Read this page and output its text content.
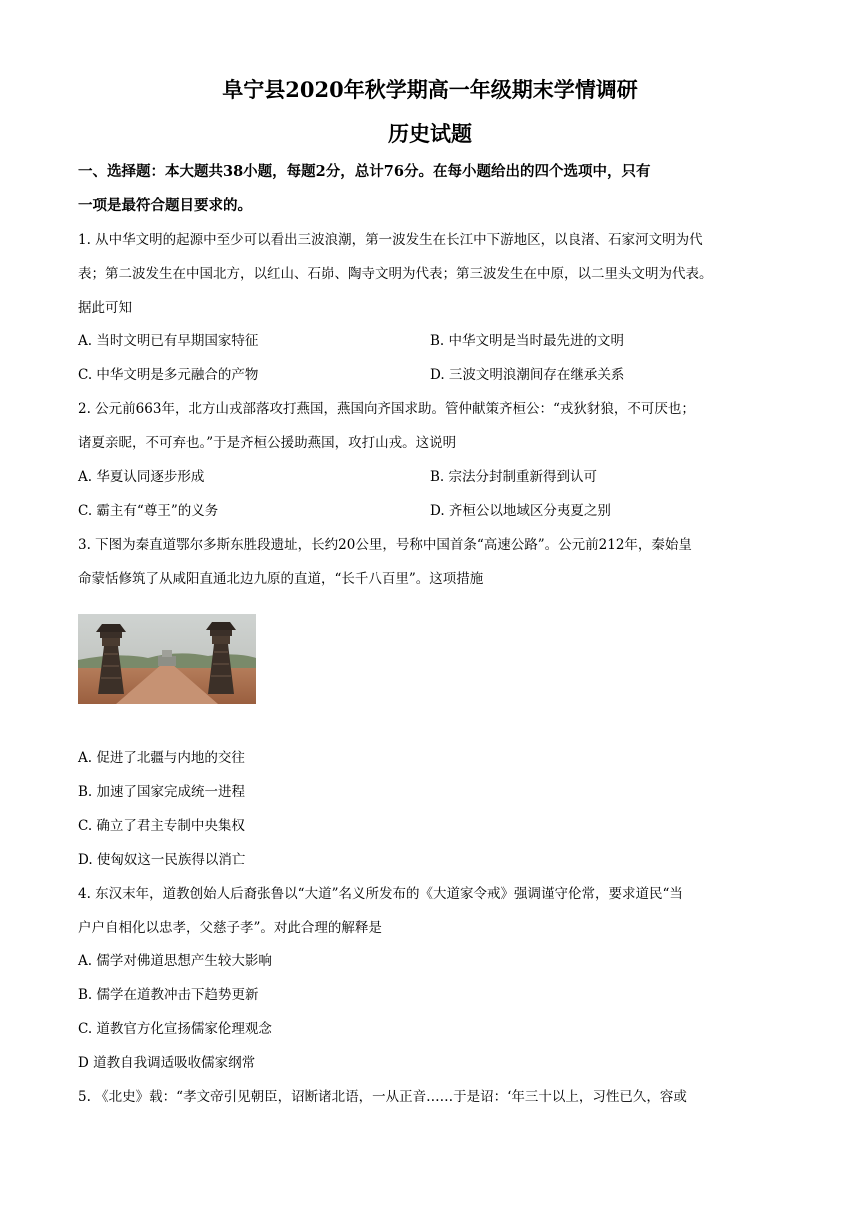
阜宁县2020年秋学期高一年级期末学情调研
历史试题
一、选择题：本大题共38小题，每题2分，总计76分。在每小题给出的四个选项中，只有
一项是最符合题目要求的。
1. 从中华文明的起源中至少可以看出三波浪潮，第一波发生在长江中下游地区，以良渚、石家河文明为代
表；第二波发生在中国北方，以红山、石峁、陶寺文明为代表；第三波发生在中原，以二里头文明为代表。
据此可知
A. 当时文明已有早期国家特征	B. 中华文明是当时最先进的文明
C. 中华文明是多元融合的产物	D. 三波文明浪潮间存在继承关系
2. 公元前663年，北方山戎部落攻打燕国，燕国向齐国求助。管仲献策齐桓公：“戎狄豺狼，不可厌也；
诸夏亲昵，不可弃也。”于是齐桓公援助燕国，攻打山戎。这说明
A. 华夏认同逐步形成	B. 宗法分封制重新得到认可
C. 霸主有“尊王”的义务	D. 齐桓公以地域区分夷夏之别
3. 下图为秦直道鄂尔多斯东胜段遗址，长约20公里，号称中国首条“高速公路”。公元前212年，秦始皇
命蒙恬修筑了从咸阳直通北边九原的直道，“长千八百里”。这项措施
A. 促进了北疆与内地的交往
B. 加速了国家完成统一进程
C. 确立了君主专制中央集权
D. 使匈奴这一民族得以消亡
4. 东汉末年，道教创始人后裔张鲁以“大道”名义所发布的《大道家令戒》强调谨守伦常，要求道民“当
户户自相化以忠孝，父慈子孝”。对此合理的解释是
A. 儒学对佛道思想产生较大影响
B. 儒学在道教冲击下趋势更新
C. 道教官方化宣扬儒家伦理观念
D 道教自我调适吸收儒家纲常
5. 《北史》载：“孝文帝引见朝臣，诏断诸北语，一从正音……于是诏：‘年三十以上，习性已久，容或
